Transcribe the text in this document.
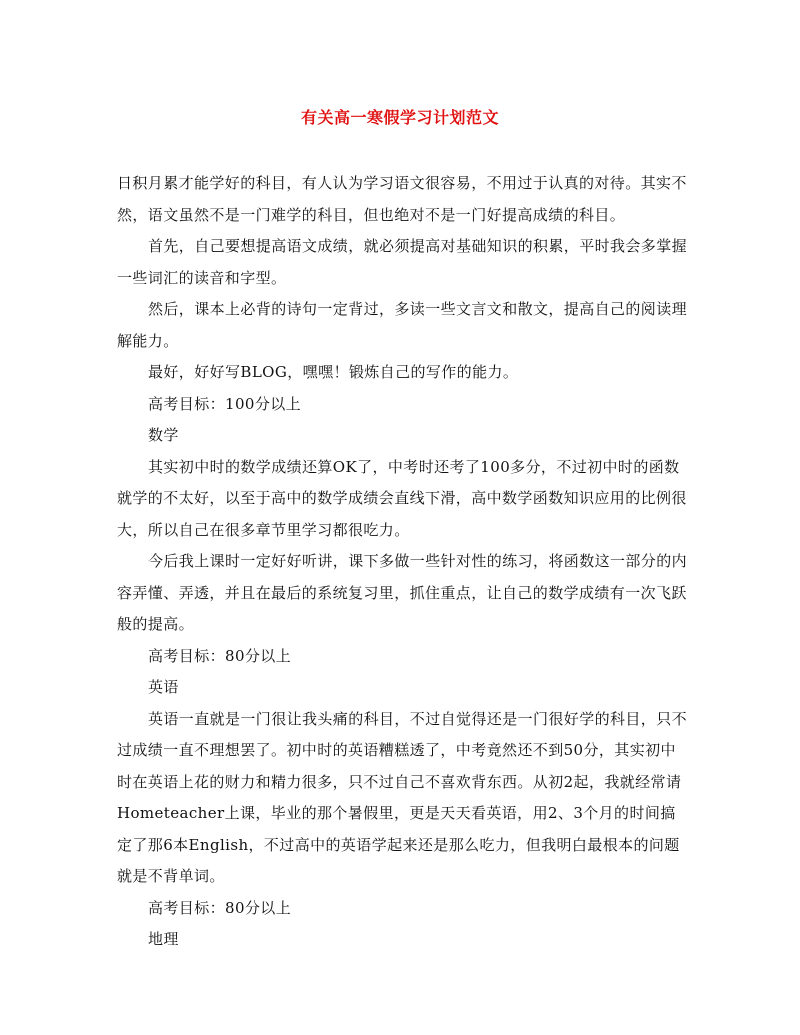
有关高一寒假学习计划范文

日积月累才能学好的科目，有人认为学习语文很容易，不用过于认真的对待。其实不然，语文虽然不是一门难学的科目，但也绝对不是一门好提高成绩的科目。

首先，自己要想提高语文成绩，就必须提高对基础知识的积累，平时我会多掌握一些词汇的读音和字型。

然后，课本上必背的诗句一定背过，多读一些文言文和散文，提高自己的阅读理解能力。

最好，好好写BLOG，嘿嘿！锻炼自己的写作的能力。

高考目标：100分以上

数学

其实初中时的数学成绩还算OK了，中考时还考了100多分，不过初中时的函数就学的不太好，以至于高中的数学成绩会直线下滑，高中数学函数知识应用的比例很大，所以自己在很多章节里学习都很吃力。

今后我上课时一定好好听讲，课下多做一些针对性的练习，将函数这一部分的内容弄懂、弄透，并且在最后的系统复习里，抓住重点，让自己的数学成绩有一次飞跃般的提高。

高考目标：80分以上

英语

英语一直就是一门很让我头痛的科目，不过自觉得还是一门很好学的科目，只不过成绩一直不理想罢了。初中时的英语糟糕透了，中考竟然还不到50分，其实初中时在英语上花的财力和精力很多，只不过自己不喜欢背东西。从初2起，我就经常请Hometeacher上课，毕业的那个暑假里，更是天天看英语，用2、3个月的时间搞定了那6本English，不过高中的英语学起来还是那么吃力，但我明白最根本的问题就是不背单词。

高考目标：80分以上

地理
